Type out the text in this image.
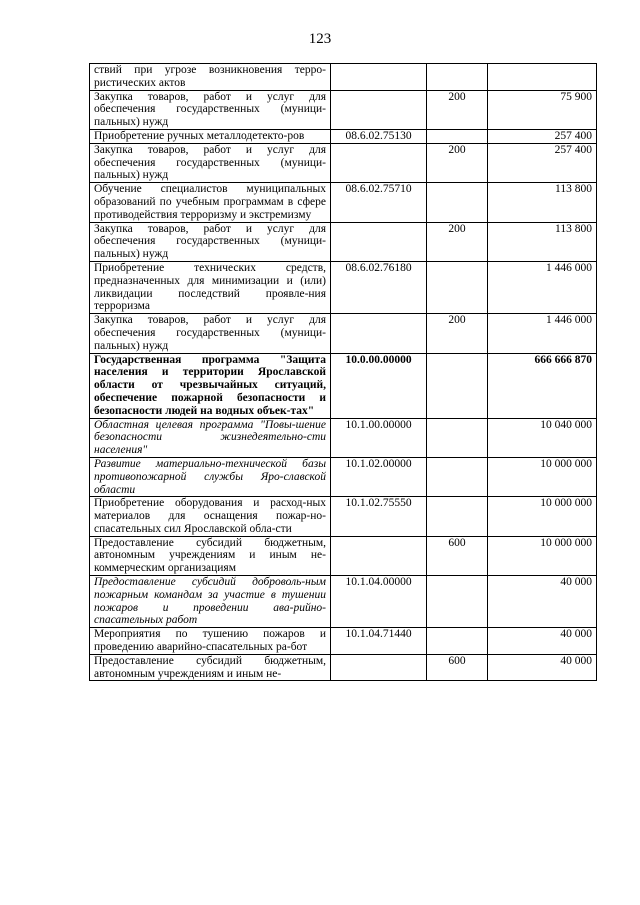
123
ствий при угрозе возникновения терро-ристических актов			
Закупка товаров, работ и услуг для обеспечения государственных (муници-пальных) нужд		200	75 900
Приобретение ручных металлодетекто-ров	08.6.02.75130		257 400
Закупка товаров, работ и услуг для обеспечения государственных (муници-пальных) нужд		200	257 400
Обучение специалистов муниципальных образований по учебным программам в сфере противодействия терроризму и экстремизму	08.6.02.75710		113 800
Закупка товаров, работ и услуг для обеспечения государственных (муници-пальных) нужд		200	113 800
Приобретение технических средств, предназначенных для минимизации и (или) ликвидации последствий проявле-ния терроризма	08.6.02.76180		1 446 000
Закупка товаров, работ и услуг для обеспечения государственных (муници-пальных) нужд		200	1 446 000
Государственная программа "Защита населения и территории Ярославской области от чрезвычайных ситуаций, обеспечение пожарной безопасности и безопасности людей на водных объек-тах"	10.0.00.00000		666 666 870
Областная целевая программа "Повы-шение безопасности жизнедеятельно-сти населения"	10.1.00.00000		10 040 000
Развитие материально-технической базы противопожарной службы Яро-славской области	10.1.02.00000		10 000 000
Приобретение оборудования и расход-ных материалов для оснащения пожар-но-спасательных сил Ярославской обла-сти	10.1.02.75550		10 000 000
Предоставление субсидий бюджетным, автономным учреждениям и иным не-коммерческим организациям		600	10 000 000
Предоставление субсидий доброволь-ным пожарным командам за участие в тушении пожаров и проведении ава-рийно-спасательных работ	10.1.04.00000		40 000
Мероприятия по тушению пожаров и проведению аварийно-спасательных ра-бот	10.1.04.71440		40 000
Предоставление субсидий бюджетным, автономным учреждениям и иным не-		600	40 000
